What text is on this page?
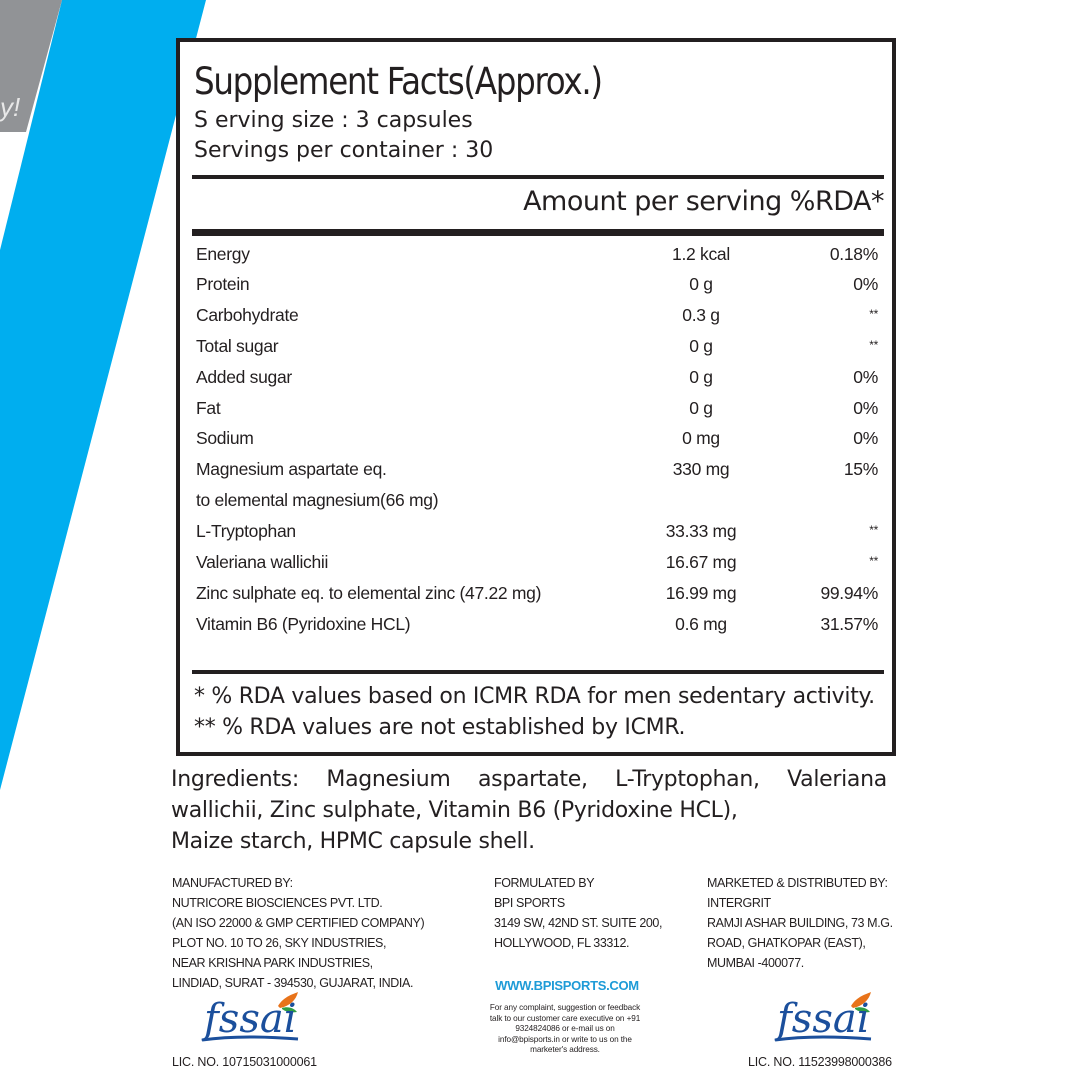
y!
Supplement Facts(Approx.)
S erving size : 3 capsules
Servings per container : 30
Amount per serving %RDA*
Energy	1.2 kcal	0.18%
Protein	0 g	0%
Carbohydrate	0.3 g	**
Total sugar	0 g	**
Added sugar	0 g	0%
Fat	0 g	0%
Sodium	0 mg	0%
Magnesium aspartate eq.	330 mg	15%
to elemental magnesium(66 mg)
L-Tryptophan	33.33 mg	**
Valeriana wallichii	16.67 mg	**
Zinc sulphate eq. to elemental zinc (47.22 mg)	16.99 mg	99.94%
Vitamin B6 (Pyridoxine HCL)	0.6 mg	31.57%
* % RDA values based on ICMR RDA for men sedentary activity.
** % RDA values are not established by ICMR.
Ingredients: Magnesium aspartate, L-Tryptophan, Valeriana
wallichii, Zinc sulphate, Vitamin B6 (Pyridoxine HCL),
Maize starch, HPMC capsule shell.
MANUFACTURED BY:
NUTRICORE BIOSCIENCES PVT. LTD.
(AN ISO 22000 & GMP CERTIFIED COMPANY)
PLOT NO. 10 TO 26, SKY INDUSTRIES,
NEAR KRISHNA PARK INDUSTRIES,
LINDIAD, SURAT - 394530, GUJARAT, INDIA.
FORMULATED BY
BPI SPORTS
3149 SW, 42ND ST. SUITE 200,
HOLLYWOOD, FL 33312.
WWW.BPISPORTS.COM
For any complaint, suggestion or feedback
talk to our customer care executive on +91
9324824086 or e-mail us on
info@bpisports.in or write to us on the
marketer's address.
MARKETED & DISTRIBUTED BY:
INTERGRIT
RAMJI ASHAR BUILDING, 73 M.G.
ROAD, GHATKOPAR (EAST),
MUMBAI -400077.
fssai	fssai
LIC. NO. 10715031000061	LIC. NO. 11523998000386
